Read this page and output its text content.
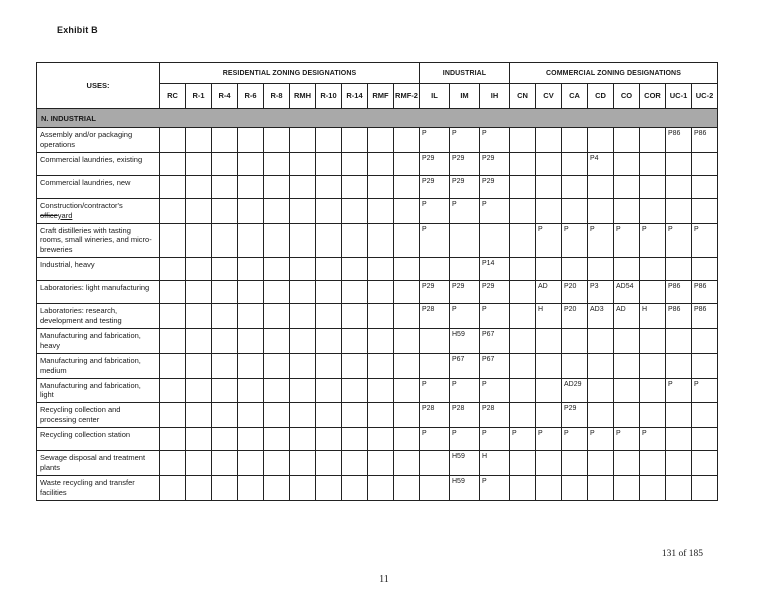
Exhibit B
USES:	RESIDENTIAL ZONING DESIGNATIONS										INDUSTRIAL			COMMERCIAL ZONING DESIGNATIONS							
	RC	R-1	R-4	R-6	R-8	RMH	R-10	R-14	RMF	RMF-2	IL	IM	IH	CN	CV	CA	CD	CO	COR	UC-1	UC-2
N. INDUSTRIAL																					
Assembly and/or packaging operations											P	P	P							P86	P86
Commercial laundries, existing											P29	P29	P29				P4				
Commercial laundries, new											P29	P29	P29								
Construction/contractor's officeyard											P	P	P								
Craft distilleries with tasting rooms, small wineries, and micro-breweries											P				P	P	P	P	P	P	P
Industrial, heavy													P14								
Laboratories: light manufacturing											P29	P29	P29		AD	P20	P3	AD54		P86	P86
Laboratories: research, development and testing											P28	P	P		H	P20	AD3	AD	H	P86	P86
Manufacturing and fabrication, heavy												H59	P67								
Manufacturing and fabrication, medium												P67	P67								
Manufacturing and fabrication, light											P	P	P			AD29				P	P
Recycling collection and processing center											P28	P28	P28			P29					
Recycling collection station											P	P	P	P	P	P	P	P	P		
Sewage disposal and treatment plants												H59	H								
Waste recycling and transfer facilities												H59	P								
131 of 185
11
